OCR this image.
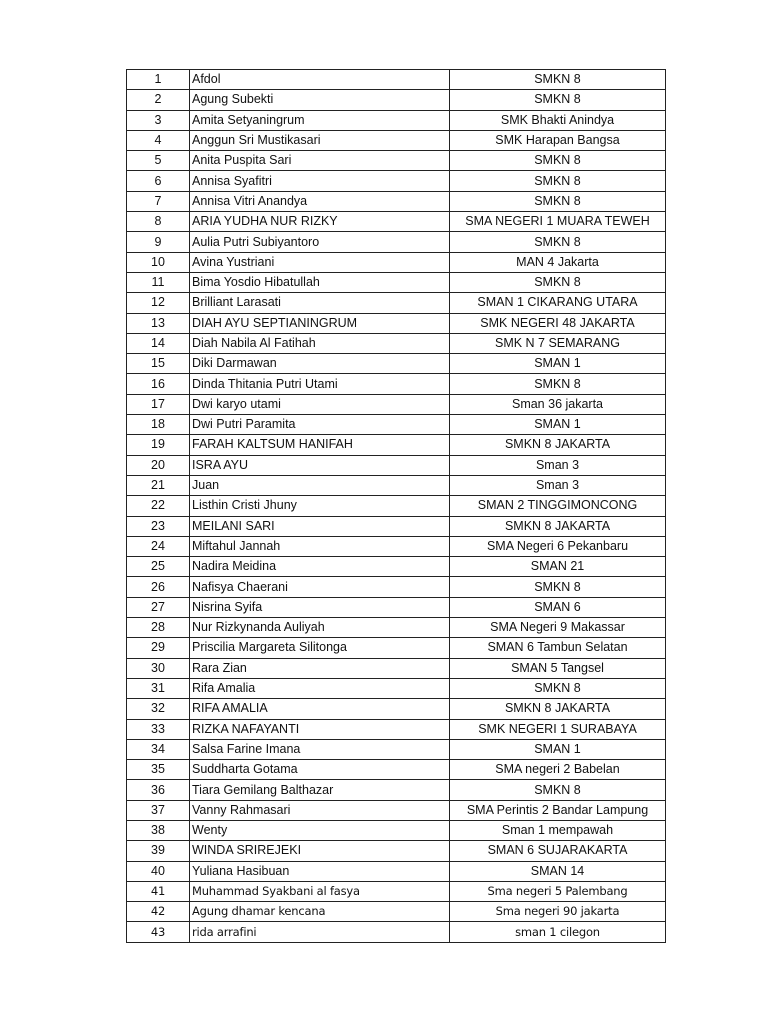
1	Afdol	SMKN 8
2	Agung Subekti	SMKN 8
3	Amita Setyaningrum	SMK Bhakti Anindya
4	Anggun Sri Mustikasari	SMK Harapan Bangsa
5	Anita Puspita Sari	SMKN 8
6	Annisa Syafitri	SMKN 8
7	Annisa Vitri Anandya	SMKN 8
8	ARIA YUDHA NUR RIZKY	SMA NEGERI 1 MUARA TEWEH
9	Aulia Putri Subiyantoro	SMKN 8
10	Avina Yustriani	MAN 4 Jakarta
11	Bima Yosdio Hibatullah	SMKN 8
12	Brilliant Larasati	SMAN 1 CIKARANG UTARA
13	DIAH AYU SEPTIANINGRUM	SMK NEGERI 48 JAKARTA
14	Diah Nabila Al Fatihah	SMK N 7 SEMARANG
15	Diki Darmawan	SMAN 1
16	Dinda Thitania Putri Utami	SMKN 8
17	Dwi karyo utami	Sman 36 jakarta
18	Dwi Putri Paramita	SMAN 1
19	FARAH KALTSUM HANIFAH	SMKN 8 JAKARTA
20	ISRA AYU	Sman 3
21	Juan	Sman 3
22	Listhin Cristi Jhuny	SMAN 2 TINGGIMONCONG
23	MEILANI SARI	SMKN 8 JAKARTA
24	Miftahul Jannah	SMA Negeri 6 Pekanbaru
25	Nadira Meidina	SMAN 21
26	Nafisya Chaerani	SMKN 8
27	Nisrina Syifa	SMAN 6
28	Nur Rizkynanda Auliyah	SMA Negeri 9 Makassar
29	Priscilia Margareta Silitonga	SMAN 6 Tambun Selatan
30	Rara Zian	SMAN 5 Tangsel
31	Rifa Amalia	SMKN 8
32	RIFA AMALIA	SMKN 8 JAKARTA
33	RIZKA NAFAYANTI	SMK NEGERI 1 SURABAYA
34	Salsa Farine Imana	SMAN 1
35	Suddharta Gotama	SMA negeri 2 Babelan
36	Tiara Gemilang Balthazar	SMKN 8
37	Vanny Rahmasari	SMA Perintis 2 Bandar Lampung
38	Wenty	Sman 1 mempawah
39	WINDA SRIREJEKI	SMAN 6 SUJARAKARTA
40	Yuliana Hasibuan	SMAN 14
41	Muhammad Syakbani al fasya	Sma negeri 5 Palembang
42	Agung dhamar kencana	Sma negeri 90 jakarta
43	rida arrafini	sman 1 cilegon
